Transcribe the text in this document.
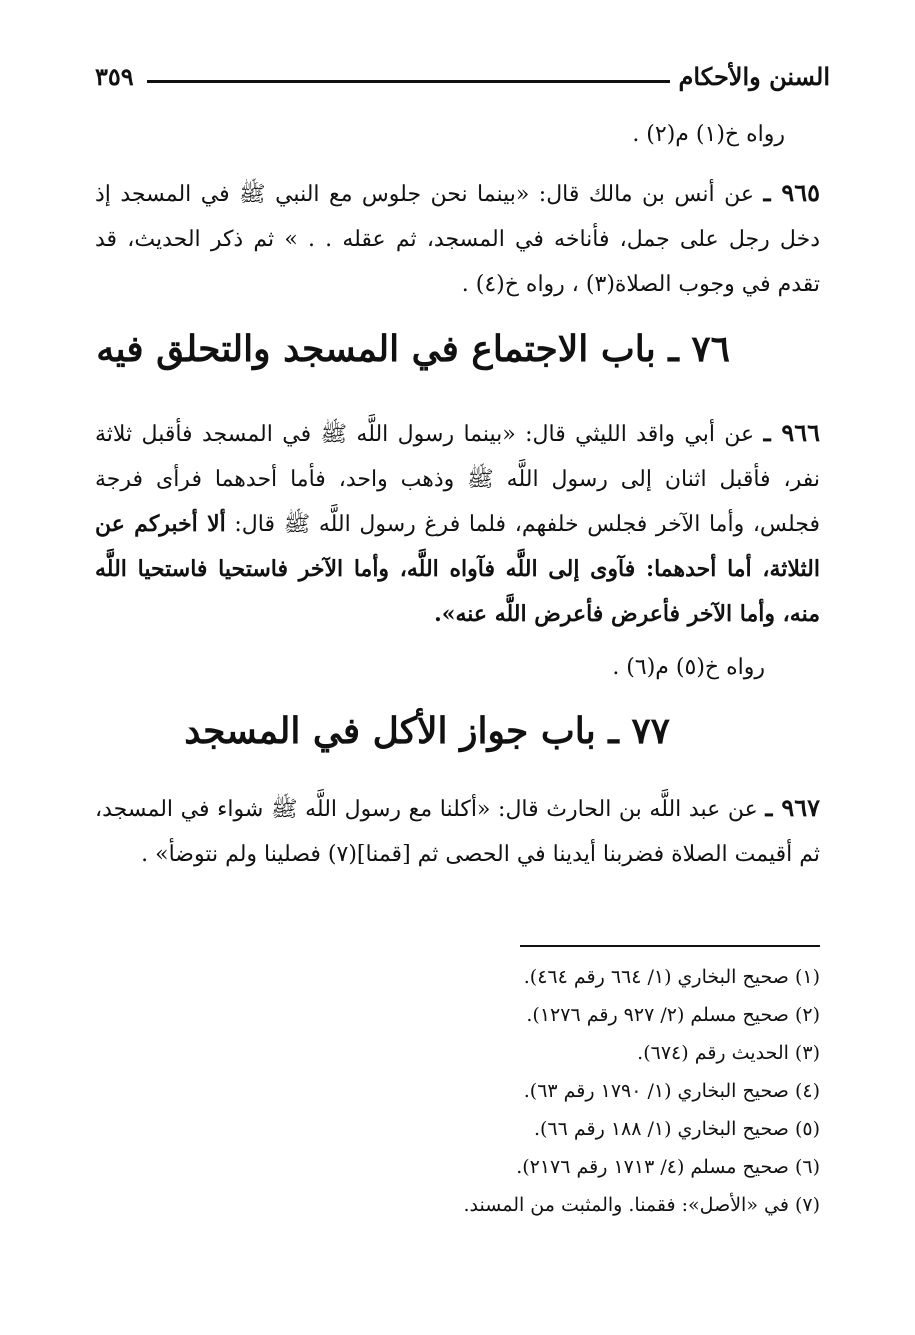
السنن والأحكام
٣٥٩
رواه خ(١) م(٢) .
٩٦٥ ـ عن أنس بن مالك قال: «بينما نحن جلوس مع النبي ﷺ في المسجد إذ دخل رجل على جمل، فأناخه في المسجد، ثم عقله . . » ثم ذكر الحديث، قد تقدم في وجوب الصلاة(٣) ، رواه خ(٤) .
٧٦ ـ باب الاجتماع في المسجد والتحلق فيه
٩٦٦ ـ عن أبي واقد الليثي قال: «بينما رسول اللَّه ﷺ في المسجد فأقبل ثلاثة نفر، فأقبل اثنان إلى رسول اللَّه ﷺ وذهب واحد، فأما أحدهما فرأى فرجة فجلس، وأما الآخر فجلس خلفهم، فلما فرغ رسول اللَّه ﷺ قال: ألا أخبركم عن الثلاثة، أما أحدهما: فآوى إلى اللَّه فآواه اللَّه، وأما الآخر فاستحيا فاستحيا اللَّه منه، وأما الآخر فأعرض فأعرض اللَّه عنه».
رواه خ(٥) م(٦) .
٧٧ ـ باب جواز الأكل في المسجد
٩٦٧ ـ عن عبد اللَّه بن الحارث قال: «أكلنا مع رسول اللَّه ﷺ شواء في المسجد، ثم أقيمت الصلاة فضربنا أيدينا في الحصى ثم [قمنا](٧) فصلينا ولم نتوضأ» .
(١) صحيح البخاري (١/ ٦٦٤ رقم ٤٦٤).
(٢) صحيح مسلم (٢/ ٩٢٧ رقم ١٢٧٦).
(٣) الحديث رقم (٦٧٤).
(٤) صحيح البخاري (١/ ١٧٩٠ رقم ٦٣).
(٥) صحيح البخاري (١/ ١٨٨ رقم ٦٦).
(٦) صحيح مسلم (٤/ ١٧١٣ رقم ٢١٧٦).
(٧) في «الأصل»: فقمنا. والمثبت من المسند.
